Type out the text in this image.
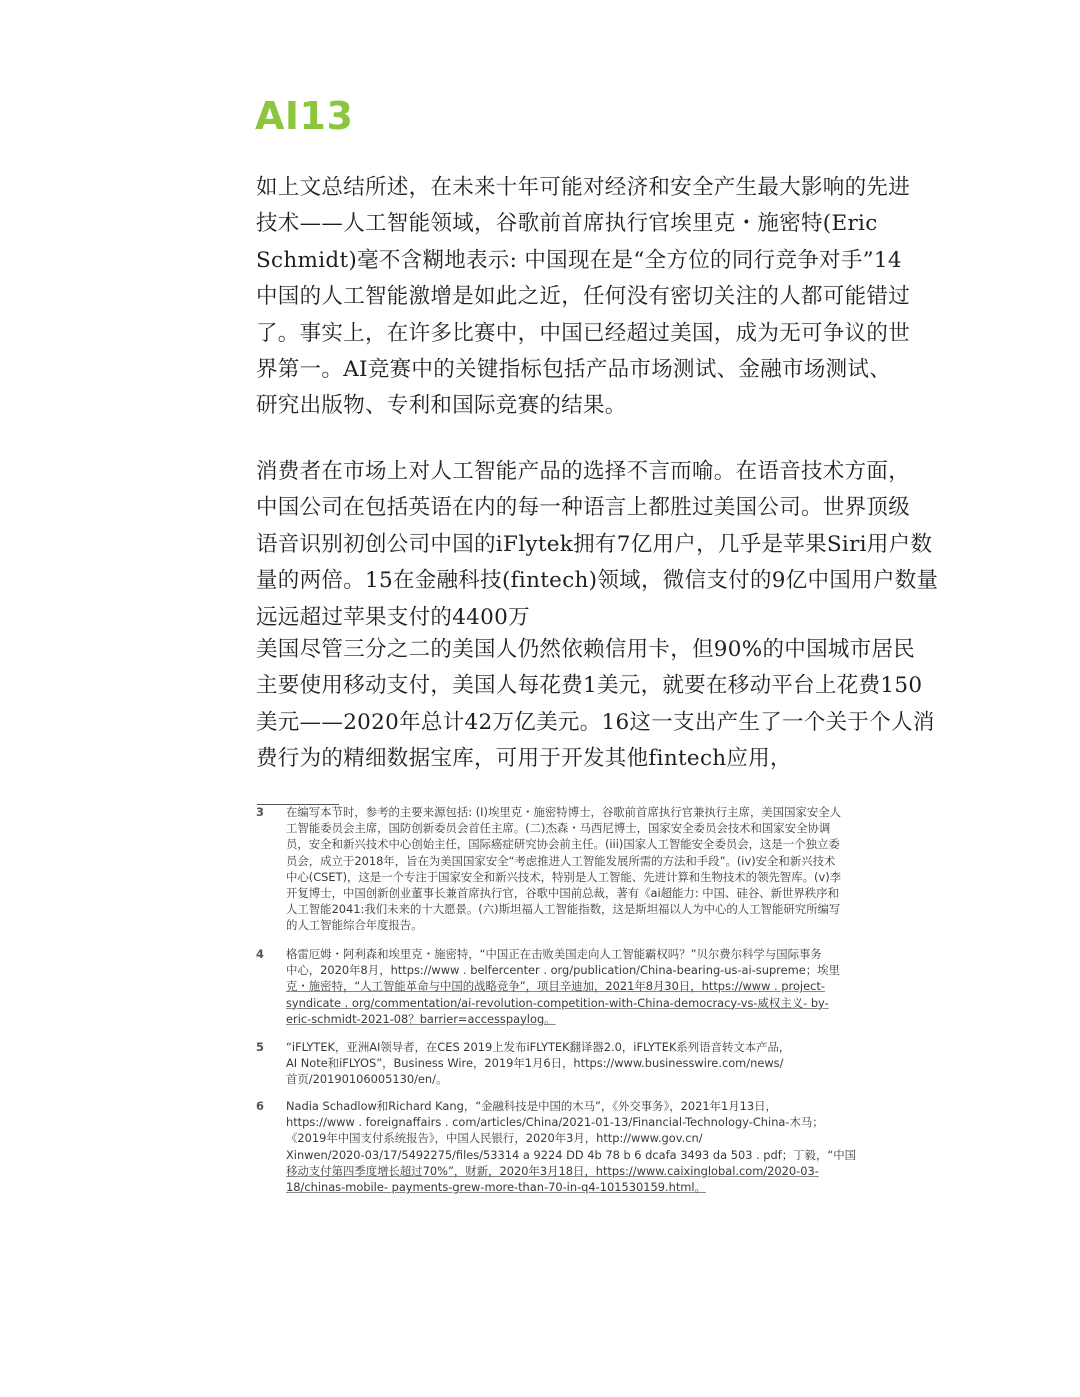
AI13

如上文总结所述，在未来十年可能对经济和安全产生最大影响的先进
技术——人工智能领域，谷歌前首席执行官埃里克・施密特(Eric
Schmidt)毫不含糊地表示: 中国现在是“全方位的同行竞争对手”14
中国的人工智能激增是如此之近，任何没有密切关注的人都可能错过
了。事实上，在许多比赛中，中国已经超过美国，成为无可争议的世
界第一。AI竞赛中的关键指标包括产品市场测试、金融市场测试、
研究出版物、专利和国际竞赛的结果。

消费者在市场上对人工智能产品的选择不言而喻。在语音技术方面，
中国公司在包括英语在内的每一种语言上都胜过美国公司。世界顶级
语音识别初创公司中国的iFlytek拥有7亿用户，几乎是苹果Siri用户数
量的两倍。15在金融科技(fintech)领域，微信支付的9亿中国用户数量
远远超过苹果支付的4400万

美国尽管三分之二的美国人仍然依赖信用卡，但90%的中国城市居民
主要使用移动支付，美国人每花费1美元，就要在移动平台上花费150
美元——2020年总计42万亿美元。16这一支出产生了一个关于个人消
费行为的精细数据宝库，可用于开发其他fintech应用，

3 在编写本节时，参考的主要来源包括: (I)埃里克・施密特博士，谷歌前首席执行官兼执行主席，美国国家安全人
工智能委员会主席，国防创新委员会首任主席。(二)杰森・马西尼博士，国家安全委员会技术和国家安全协调
员，安全和新兴技术中心创始主任，国际癌症研究协会前主任。(iii)国家人工智能安全委员会，这是一个独立委
员会，成立于2018年，旨在为美国国家安全“考虑推进人工智能发展所需的方法和手段”。(iv)安全和新兴技术
中心(CSET)，这是一个专注于国家安全和新兴技术，特别是人工智能、先进计算和生物技术的领先智库。(v)李
开复博士，中国创新创业董事长兼首席执行官，谷歌中国前总裁，著有《ai超能力: 中国、硅谷、新世界秩序和
人工智能2041:我们未来的十大愿景。(六)斯坦福人工智能指数，这是斯坦福以人为中心的人工智能研究所编写
的人工智能综合年度报告。
4 格雷厄姆・阿利森和埃里克・施密特，“中国正在击败美国走向人工智能霸权吗？”贝尔费尔科学与国际事务
中心，2020年8月，https://www . belfercenter . org/publication/China-bearing-us-ai-supreme；埃里
克・施密特，“人工智能革命与中国的战略竞争”，项目辛迪加，2021年8月30日，https://www . project-
syndicate . org/commentation/ai-revolution-competition-with-China-democracy-vs-威权主义- by-
eric-schmidt-2021-08？barrier=accesspaylog。
5 “iFLYTEK，亚洲AI领导者，在CES 2019上发布iFLYTEK翻译器2.0，iFLYTEK系列语音转文本产品，
AI Note和iFLYOS”，Business Wire，2019年1月6日，https://www.businesswire.com/news/
首页/20190106005130/en/。
6 Nadia Schadlow和Richard Kang，“金融科技是中国的木马”，《外交事务》，2021年1月13日，
https://www . foreignaffairs . com/articles/China/2021-01-13/Financial-Technology-China-木马；
《2019年中国支付系统报告》，中国人民银行，2020年3月，http://www.gov.cn/
Xinwen/2020-03/17/5492275/files/53314 a 9224 DD 4b 78 b 6 dcafa 3493 da 503 . pdf；丁毅，“中国
移动支付第四季度增长超过70%”，财新，2020年3月18日，https://www.caixinglobal.com/2020-03-
18/chinas-mobile- payments-grew-more-than-70-in-q4-101530159.html。
